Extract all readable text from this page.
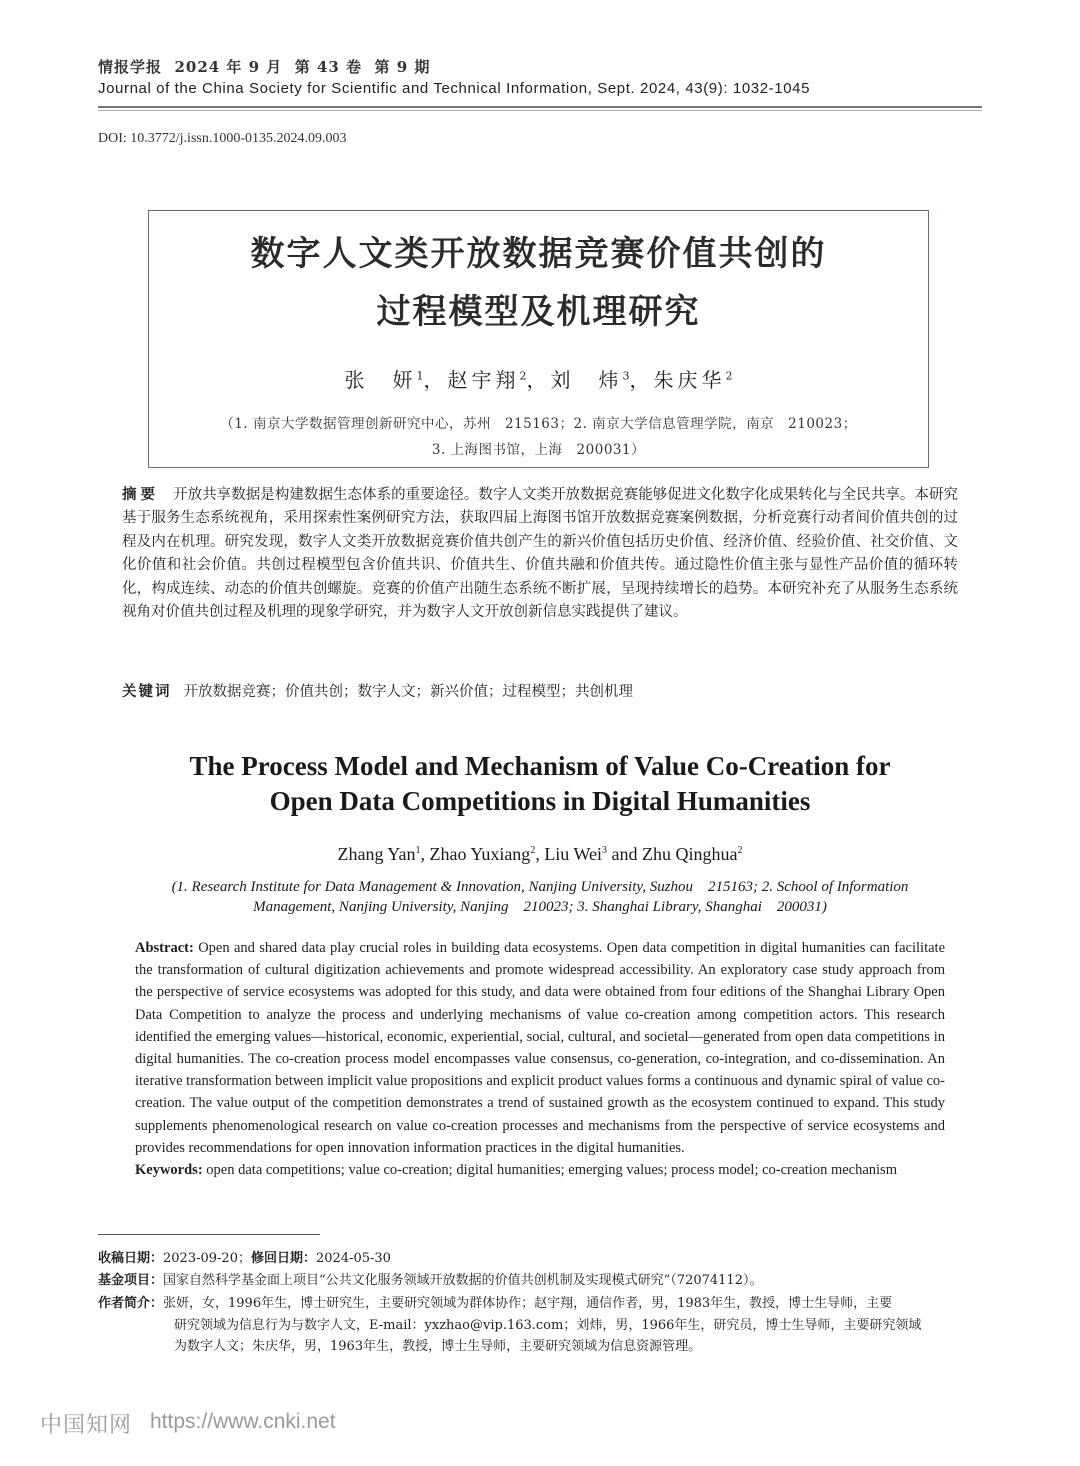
情报学报  2024 年 9 月  第 43 卷  第 9 期
Journal of the China Society for Scientific and Technical Information, Sept. 2024, 43(9): 1032-1045
DOI: 10.3772/j.issn.1000-0135.2024.09.003
数字人文类开放数据竞赛价值共创的
过程模型及机理研究
张　妍$^1$，赵宇翔$^2$，刘　炜$^3$，朱庆华$^2$
（1. 南京大学数据管理创新研究中心，苏州　215163；2. 南京大学信息管理学院，南京　210023；
3. 上海图书馆，上海　200031）
摘要 开放共享数据是构建数据生态体系的重要途径。数字人文类开放数据竞赛能够促进文化数字化成果转化与全民共享。本研究基于服务生态系统视角，采用探索性案例研究方法，获取四届上海图书馆开放数据竞赛案例数据，分析竞赛行动者间价值共创的过程及内在机理。研究发现，数字人文类开放数据竞赛价值共创产生的新兴价值包括历史价值、经济价值、经验价值、社交价值、文化价值和社会价值。共创过程模型包含价值共识、价值共生、价值共融和价值共传。通过隐性价值主张与显性产品价值的循环转化，构成连续、动态的价值共创螺旋。竞赛的价值产出随生态系统不断扩展，呈现持续增长的趋势。本研究补充了从服务生态系统视角对价值共创过程及机理的现象学研究，并为数字人文开放创新信息实践提供了建议。
关键词 开放数据竞赛；价值共创；数字人文；新兴价值；过程模型；共创机理
The Process Model and Mechanism of Value Co-Creation for
Open Data Competitions in Digital Humanities
Zhang Yan$^1$, Zhao Yuxiang$^2$, Liu Wei$^3$ and Zhu Qinghua$^2$
(1. Research Institute for Data Management & Innovation, Nanjing University, Suzhou　215163; 2. School of Information
Management, Nanjing University, Nanjing　210023; 3. Shanghai Library, Shanghai　200031)
Abstract: Open and shared data play crucial roles in building data ecosystems. Open data competition in digital humanities can facilitate the transformation of cultural digitization achievements and promote widespread accessibility. An exploratory case study approach from the perspective of service ecosystems was adopted for this study, and data were obtained from four editions of the Shanghai Library Open Data Competition to analyze the process and underlying mechanisms of value co-creation among competition actors. This research identified the emerging values—historical, economic, experiential, social, cultural, and societal—generated from open data competitions in digital humanities. The co-creation process model encompasses value consensus, co-generation, co-integration, and co-dissemination. An iterative transformation between implicit value propositions and explicit product values forms a continuous and dynamic spiral of value co-creation. The value output of the competition demonstrates a trend of sustained growth as the ecosystem continued to expand. This study supplements phenomenological research on value co-creation processes and mechanisms from the perspective of service ecosystems and provides recommendations for open innovation information practices in the digital humanities.
Keywords: open data competitions; value co-creation; digital humanities; emerging values; process model; co-creation mechanism
收稿日期：2023-09-20；修回日期：2024-05-30
基金项目：国家自然科学基金面上项目“公共文化服务领域开放数据的价值共创机制及实现模式研究”（72074112）。
作者简介：张妍，女，1996年生，博士研究生，主要研究领域为群体协作；赵宇翔，通信作者，男，1983年生，教授，博士生导师，主要
研究领域为信息行为与数字人文，E-mail：yxzhao@vip.163.com；刘炜，男，1966年生，研究员，博士生导师，主要研究领域
为数字人文；朱庆华，男，1963年生，教授，博士生导师，主要研究领域为信息资源管理。
中国知网 https://www.cnki.net
